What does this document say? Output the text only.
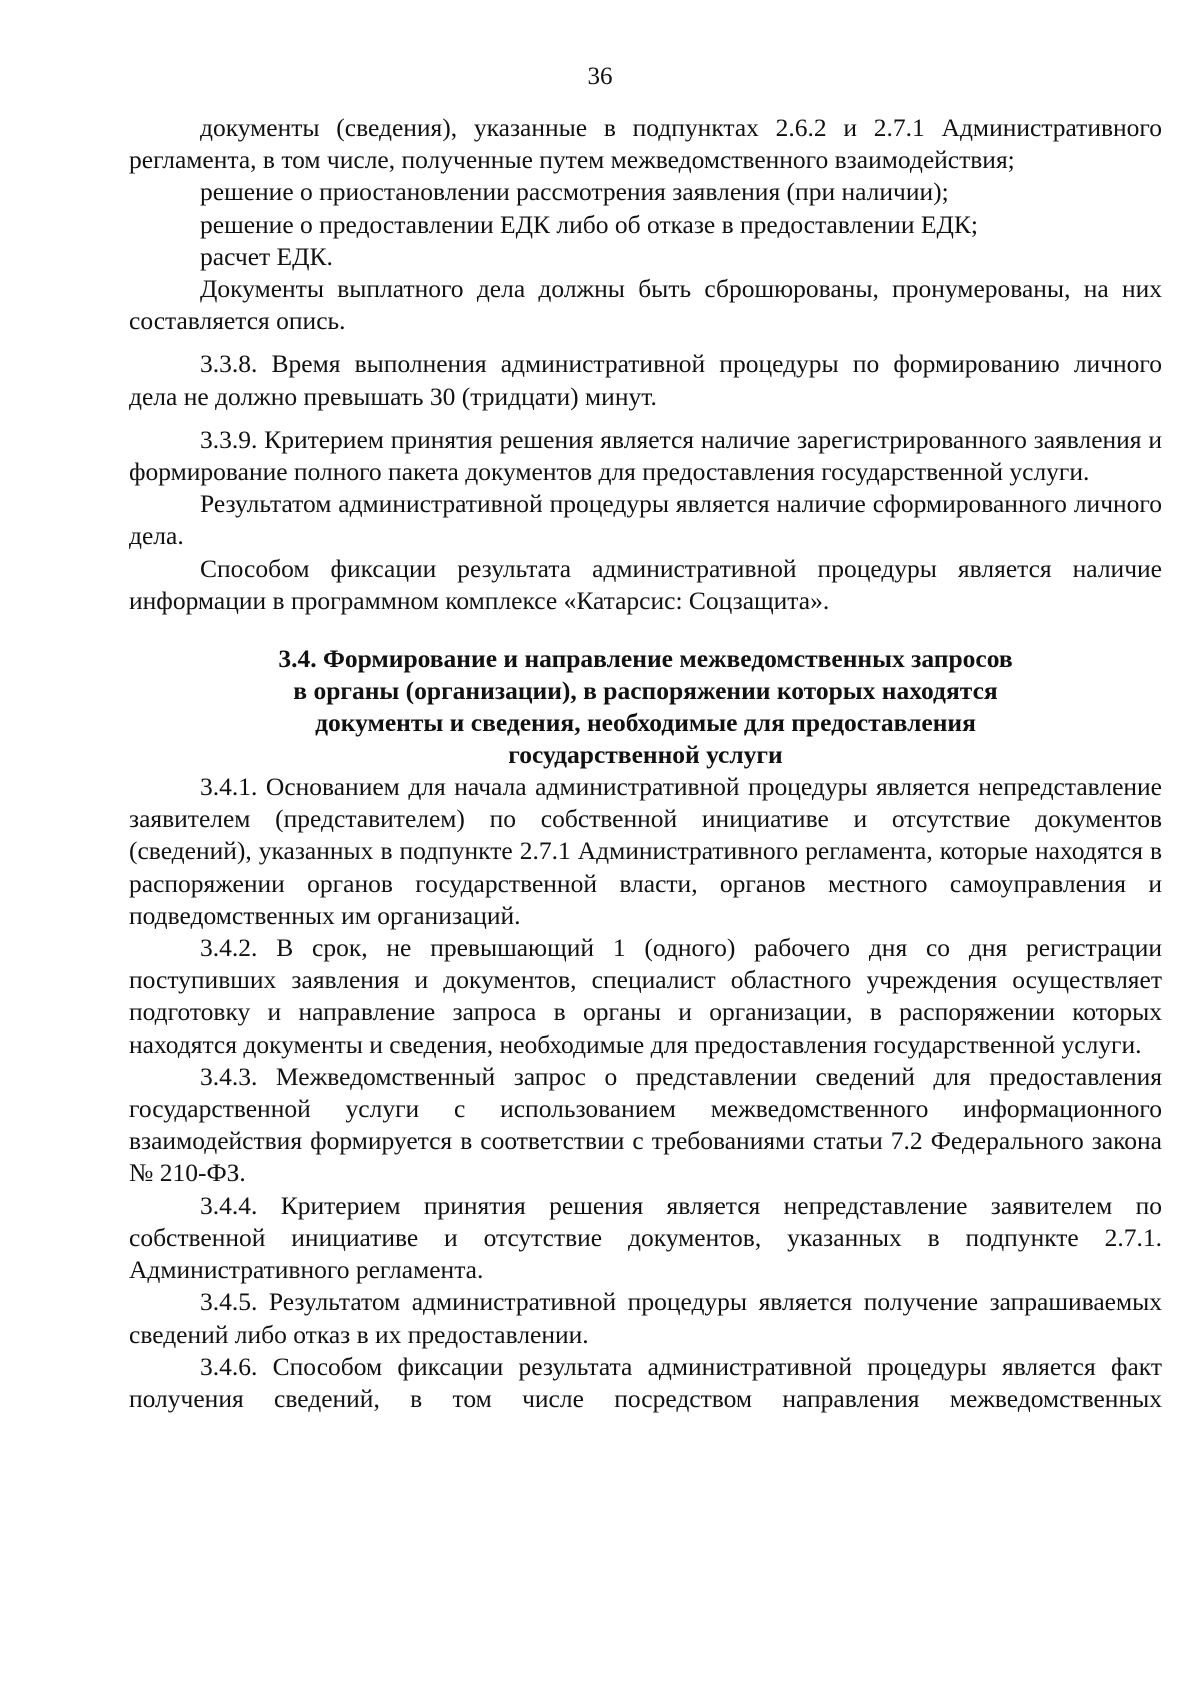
36

документы (сведения), указанные в подпунктах 2.6.2 и 2.7.1 Административного регламента, в том числе, полученные путем межведомственного взаимодействия;

решение о приостановлении рассмотрения заявления (при наличии);

решение о предоставлении ЕДК либо об отказе в предоставлении ЕДК;

расчет ЕДК.

Документы выплатного дела должны быть сброшюрованы, пронумерованы, на них составляется опись.

3.3.8. Время выполнения административной процедуры по формированию личного дела не должно превышать 30 (тридцати) минут.

3.3.9. Критерием принятия решения является наличие зарегистрированного заявления и формирование полного пакета документов для предоставления государственной услуги.

Результатом административной процедуры является наличие сформированного личного дела.

Способом фиксации результата административной процедуры является наличие информации в программном комплексе «Катарсис: Соцзащита».

3.4. Формирование и направление межведомственных запросов
в органы (организации), в распоряжении которых находятся
документы и сведения, необходимые для предоставления
государственной услуги

3.4.1. Основанием для начала административной процедуры является непредставление заявителем (представителем) по собственной инициативе и отсутствие документов (сведений), указанных в подпункте 2.7.1 Административного регламента, которые находятся в распоряжении органов государственной власти, органов местного самоуправления и подведомственных им организаций.

3.4.2. В срок, не превышающий 1 (одного) рабочего дня со дня регистрации поступивших заявления и документов, специалист областного учреждения осуществляет подготовку и направление запроса в органы и организации, в распоряжении которых находятся документы и сведения, необходимые для предоставления государственной услуги.

3.4.3. Межведомственный запрос о представлении сведений для предоставления государственной услуги с использованием межведомственного информационного взаимодействия формируется в соответствии с требованиями статьи 7.2 Федерального закона № 210-ФЗ.

3.4.4. Критерием принятия решения является непредставление заявителем по собственной инициативе и отсутствие документов, указанных в подпункте 2.7.1. Административного регламента.

3.4.5. Результатом административной процедуры является получение запрашиваемых сведений либо отказ в их предоставлении.

3.4.6. Способом фиксации результата административной процедуры является факт получения сведений, в том числе посредством направления межведомственных
